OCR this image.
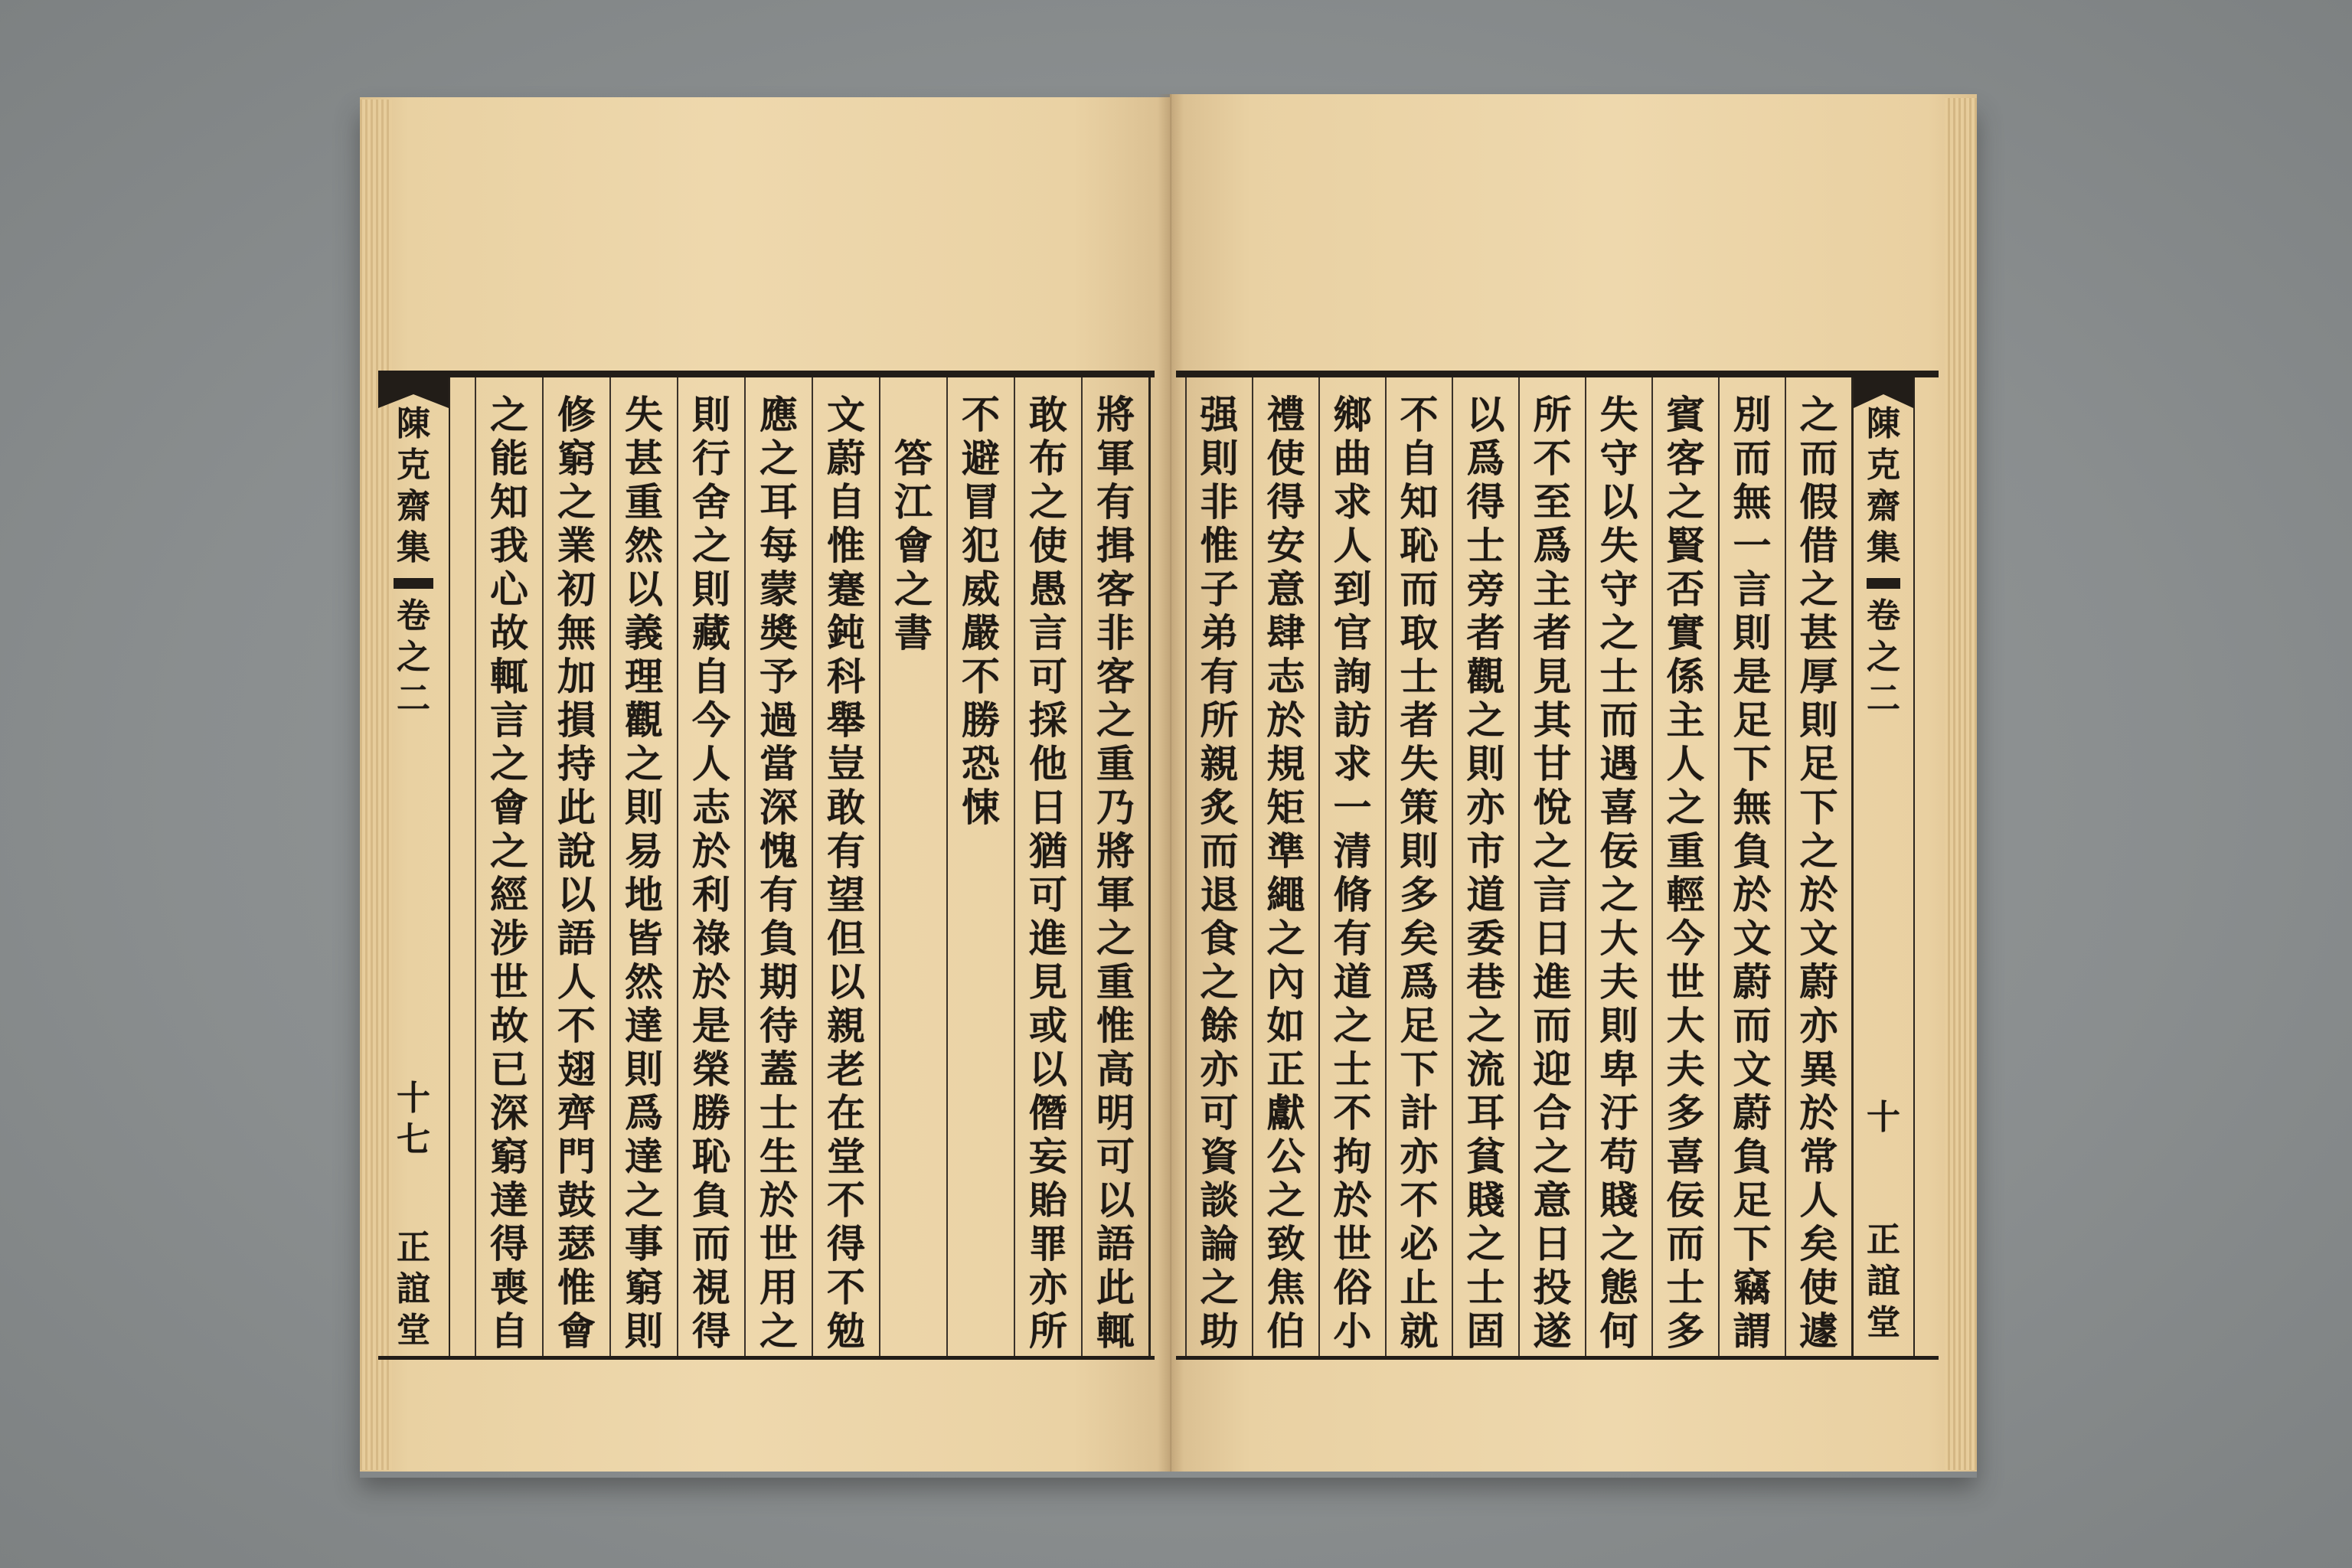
陳
克
齋
集
卷
之
二
十
正
誼
堂
之
而
假
借
之
甚
厚
則
足
下
之
於
文
蔚
亦
異
於
常
人
矣
使
遽
別
而
無
一
言
則
是
足
下
無
負
於
文
蔚
而
文
蔚
負
足
下
竊
謂
賓
客
之
賢
否
實
係
主
人
之
重
輕
今
世
大
夫
多
喜
佞
而
士
多
失
守
以
失
守
之
士
而
遇
喜
佞
之
大
夫
則
卑
汙
苟
賤
之
態
何
所
不
至
爲
主
者
見
其
甘
悅
之
言
日
進
而
迎
合
之
意
日
投
遂
以
爲
得
士
旁
者
觀
之
則
亦
市
道
委
巷
之
流
耳
貧
賤
之
士
固
不
自
知
恥
而
取
士
者
失
策
則
多
矣
爲
足
下
計
亦
不
必
止
就
鄉
曲
求
人
到
官
詢
訪
求
一
清
脩
有
道
之
士
不
拘
於
世
俗
小
禮
使
得
安
意
肆
志
於
規
矩
準
繩
之
內
如
正
獻
公
之
致
焦
伯
强
則
非
惟
子
弟
有
所
親
炙
而
退
食
之
餘
亦
可
資
談
論
之
助
將
軍
有
揖
客
非
客
之
重
乃
將
軍
之
重
惟
高
明
可
以
語
此
輒
敢
布
之
使
愚
言
可
採
他
日
猶
可
進
見
或
以
僭
妄
貽
罪
亦
所
不
避
冒
犯
威
嚴
不
勝
恐
悚
答
江
會
之
書
文
蔚
自
惟
蹇
鈍
科
舉
豈
敢
有
望
但
以
親
老
在
堂
不
得
不
勉
應
之
耳
每
蒙
奬
予
過
當
深
愧
有
負
期
待
蓋
士
生
於
世
用
之
則
行
舍
之
則
藏
自
今
人
志
於
利
祿
於
是
榮
勝
恥
負
而
視
得
失
甚
重
然
以
義
理
觀
之
則
易
地
皆
然
達
則
爲
達
之
事
窮
則
修
窮
之
業
初
無
加
損
持
此
說
以
語
人
不
翅
齊
門
鼓
瑟
惟
會
之
能
知
我
心
故
輒
言
之
會
之
經
涉
世
故
已
深
窮
達
得
喪
自
陳
克
齋
集
卷
之
二
十
七
正
誼
堂
